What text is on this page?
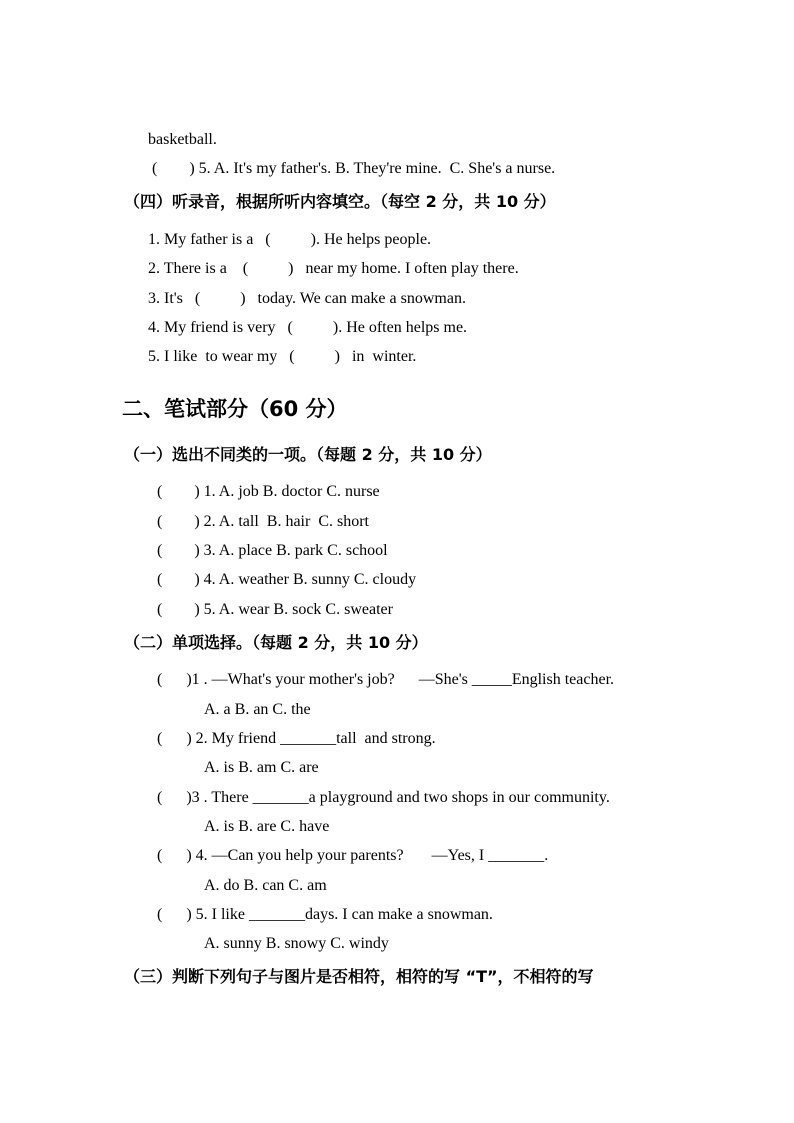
basketball.
(        ) 5. A. It's my father's. B. They're mine.  C. She's a nurse.
（四）听录音，根据所听内容填空。（每空 2 分，共 10 分）
1. My father is a   (          ). He helps people.
2. There is a    (          )   near my home. I often play there.
3. It's   (          )   today. We can make a snowman.
4. My friend is very   (          ). He often helps me.
5. I like  to wear my   (          )   in  winter.
二、笔试部分（60 分）
（一）选出不同类的一项。（每题 2 分，共 10 分）
(        ) 1. A. job B. doctor C. nurse
(        ) 2. A. tall  B. hair  C. short
(        ) 3. A. place B. park C. school
(        ) 4. A. weather B. sunny C. cloudy
(        ) 5. A. wear B. sock C. sweater
（二）单项选择。（每题 2 分，共 10 分）
(      )1 . —What's your mother's job?      —She's _____English teacher.
A. a B. an C. the
(      ) 2. My friend _______tall  and strong.
A. is B. am C. are
(      )3 . There _______a playground and two shops in our community.
A. is B. are C. have
(      ) 4. —Can you help your parents?       —Yes, I _______.
A. do B. can C. am
(      ) 5. I like _______days. I can make a snowman.
A. sunny B. snowy C. windy
（三）判断下列句子与图片是否相符，相符的写 “T”，不相符的写
